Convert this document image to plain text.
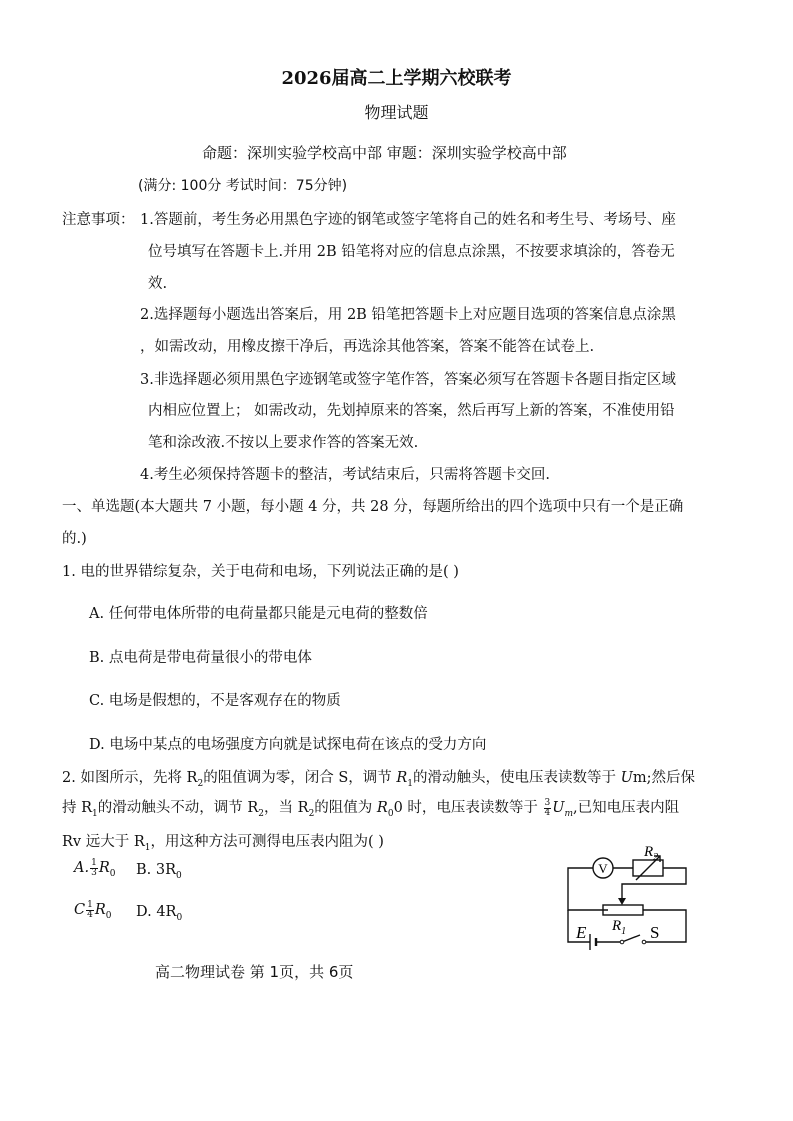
2026届高二上学期六校联考
物理试题
命题：深圳实验学校高中部 审题：深圳实验学校高中部
(满分: 100分 考试时间：75分钟)
注意事项： 1.答题前，考生务必用黑色字迹的钢笔或签字笔将自己的姓名和考生号、考场号、座
位号填写在答题卡上.并用 2B 铅笔将对应的信息点涂黑，不按要求填涂的，答卷无
效.
2.选择题每小题选出答案后，用 2B 铅笔把答题卡上对应题目选项的答案信息点涂黑
，如需改动，用橡皮擦干净后，再选涂其他答案，答案不能答在试卷上.
3.非选择题必须用黑色字迹钢笔或签字笔作答，答案必须写在答题卡各题目指定区域
内相应位置上； 如需改动，先划掉原来的答案，然后再写上新的答案，不准使用铅
笔和涂改液.不按以上要求作答的答案无效.
4.考生必须保持答题卡的整洁，考试结束后，只需将答题卡交回.
一、单选题(本大题共 7 小题，每小题 4 分，共 28 分，每题所给出的四个选项中只有一个是正确
的.)
1. 电的世界错综复杂，关于电荷和电场，下列说法正确的是( )
A. 任何带电体所带的电荷量都只能是元电荷的整数倍
B. 点电荷是带电荷量很小的带电体
C. 电场是假想的，不是客观存在的物质
D. 电场中某点的电场强度方向就是试探电荷在该点的受力方向
2. 如图所示，先将 $R_2$的阻值调为零，闭合 S，调节 $R_1$的滑动触头，使电压表读数等于 Um;然后保
持 $R_1$的滑动触头不动，调节 $R_2$，当 $R_2$的阻值为 $R_00$ 时，电压表读数等于 $\frac{3}{4} U_m$,已知电压表内阻
Rv 远大于 $R_1$，用这种方法可测得电压表内阻为( )
A. $\frac{1}{3} R_0$ B. $3R_0$
C $\frac{1}{4} R_0$ D. $4R_0$
V
$R_2$
$R_1$
E	S
高二物理试卷 第 1页，共 6页
